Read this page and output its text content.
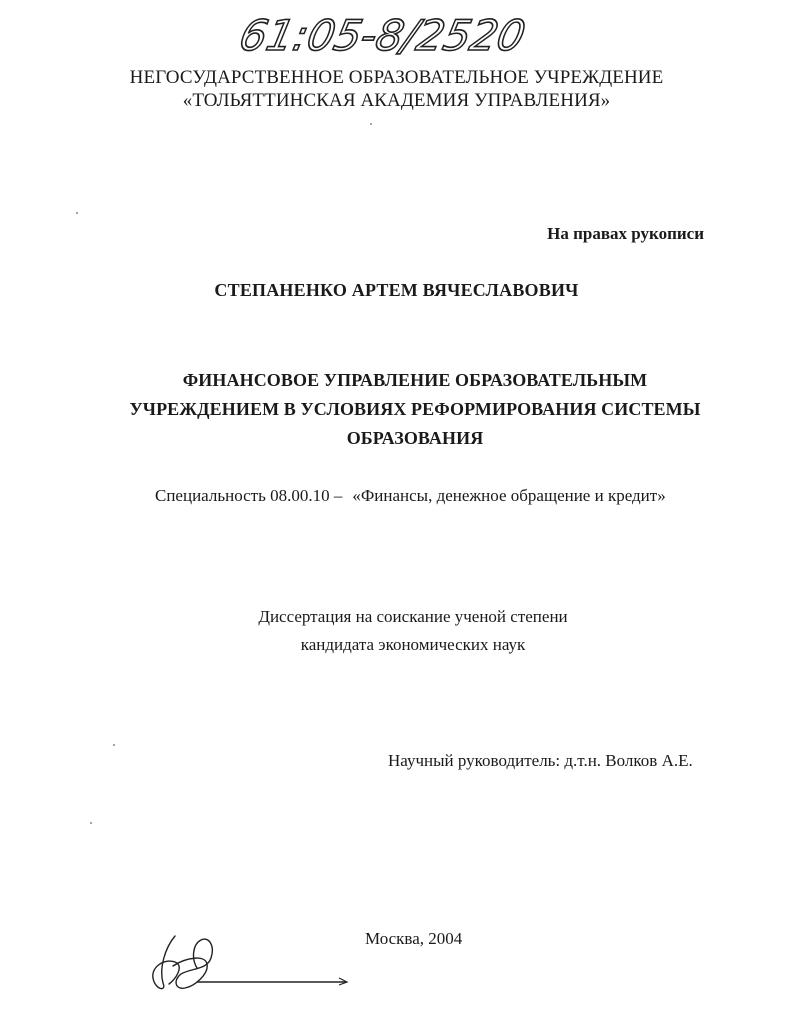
61:05-8/2520
НЕГОСУДАРСТВЕННОЕ ОБРАЗОВАТЕЛЬНОЕ УЧРЕЖДЕНИЕ
«ТОЛЬЯТТИНСКАЯ АКАДЕМИЯ УПРАВЛЕНИЯ»
На правах рукописи
СТЕПАНЕНКО АРТЕМ ВЯЧЕСЛАВОВИЧ
ФИНАНСОВОЕ УПРАВЛЕНИЕ ОБРАЗОВАТЕЛЬНЫМ
УЧРЕЖДЕНИЕМ В УСЛОВИЯХ РЕФОРМИРОВАНИЯ СИСТЕМЫ
ОБРАЗОВАНИЯ
Специальность 08.00.10 – «Финансы, денежное обращение и кредит»
Диссертация на соискание ученой степени
кандидата экономических наук
Научный руководитель: д.т.н. Волков А.Е.
Москва, 2004
